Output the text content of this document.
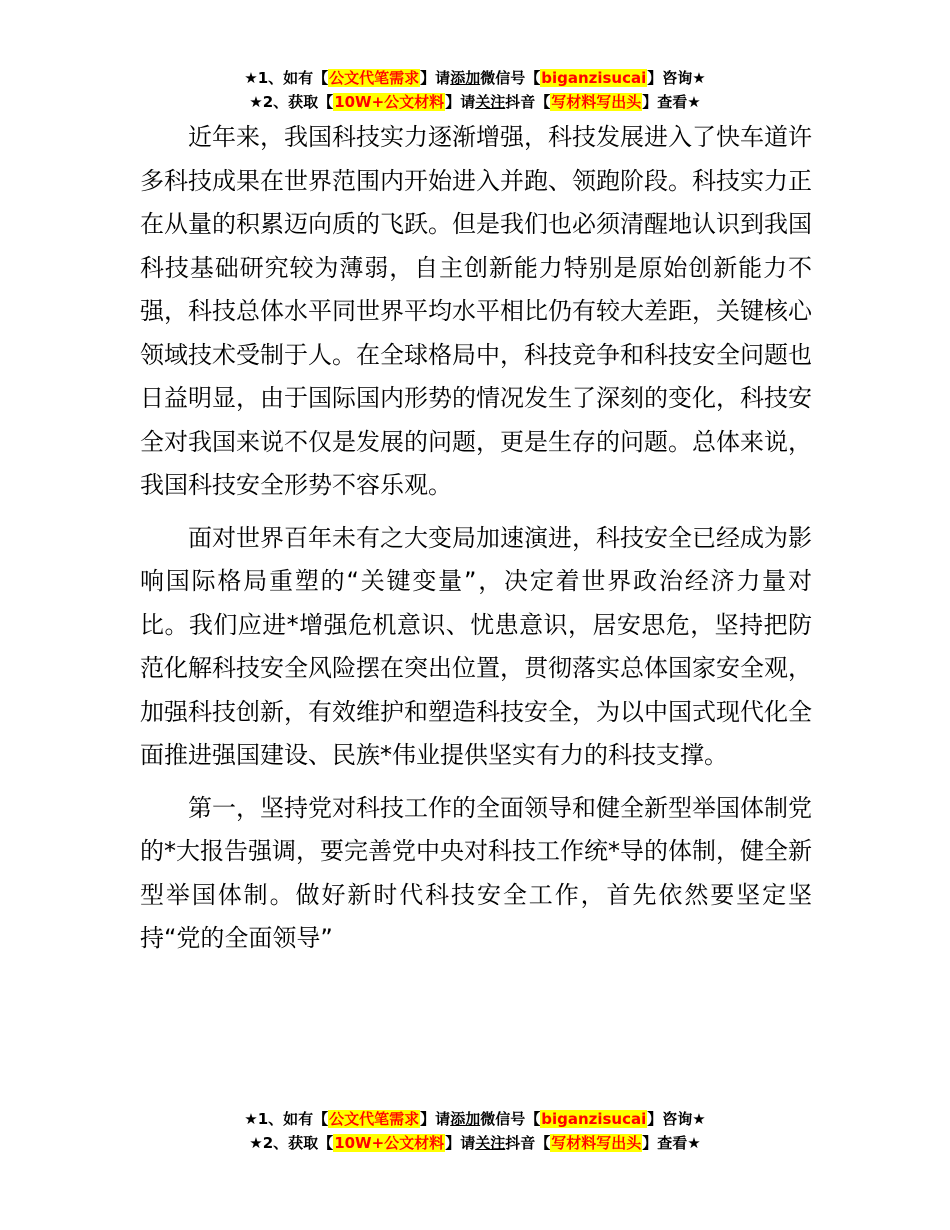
★1、如有【公文代笔需求】请添加微信号【biganzisucai】咨询★
★2、获取【10W+公文材料】请关注抖音【写材料写出头】查看★

近年来，我国科技实力逐渐增强，科技发展进入了快车道许多科技成果在世界范围内开始进入并跑、领跑阶段。科技实力正在从量的积累迈向质的飞跃。但是我们也必须清醒地认识到我国科技基础研究较为薄弱，自主创新能力特别是原始创新能力不强，科技总体水平同世界平均水平相比仍有较大差距，关键核心领域技术受制于人。在全球格局中，科技竞争和科技安全问题也日益明显，由于国际国内形势的情况发生了深刻的变化，科技安全对我国来说不仅是发展的问题，更是生存的问题。总体来说，我国科技安全形势不容乐观。

面对世界百年未有之大变局加速演进，科技安全已经成为影响国际格局重塑的“关键变量”，决定着世界政治经济力量对比。我们应进*增强危机意识、忧患意识，居安思危，坚持把防范化解科技安全风险摆在突出位置，贯彻落实总体国家安全观，加强科技创新，有效维护和塑造科技安全，为以中国式现代化全面推进强国建设、民族*伟业提供坚实有力的科技支撑。

第一，坚持党对科技工作的全面领导和健全新型举国体制党的*大报告强调，要完善党中央对科技工作统*导的体制，健全新型举国体制。做好新时代科技安全工作，首先依然要坚定坚持“党的全面领导”

★1、如有【公文代笔需求】请添加微信号【biganzisucai】咨询★
★2、获取【10W+公文材料】请关注抖音【写材料写出头】查看★
